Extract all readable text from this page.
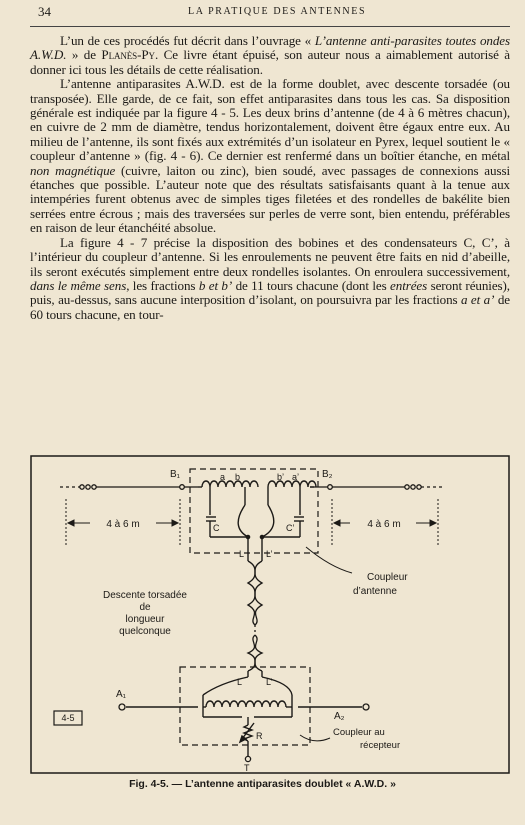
34	LA PRATIQUE DES ANTENNES

L’un de ces procédés fut décrit dans l’ouvrage « L’antenne anti-parasites toutes ondes A.W.D. » de Planès-Py. Ce livre étant épuisé, son auteur nous a aimablement autorisé à donner ici tous les détails de cette réalisation.

L’antenne antiparasites A.W.D. est de la forme doublet, avec descente torsadée (ou transposée). Elle garde, de ce fait, son effet antiparasites dans tous les cas. Sa disposition générale est indiquée par la figure 4 - 5. Les deux brins d’antenne (de 4 à 6 mètres chacun), en cuivre de 2 mm de diamètre, tendus horizontalement, doivent être égaux entre eux. Au milieu de l’antenne, ils sont fixés aux extrémités d’un isolateur en Pyrex, lequel soutient le « coupleur d’antenne » (fig. 4 - 6). Ce dernier est renfermé dans un boîtier étanche, en métal non magnétique (cuivre, laiton ou zinc), bien soudé, avec passages de connexions aussi étanches que possible. L’auteur note que des résultats satisfaisants quant à la tenue aux intempéries furent obtenus avec de simples tiges filetées et des rondelles de bakélite bien serrées entre écrous ; mais des traversées sur perles de verre sont, bien entendu, préférables en raison de leur étanchéité absolue.

La figure 4 - 7 précise la disposition des bobines et des condensateurs C, C’, à l’intérieur du coupleur d’antenne. Si les enroulements ne peuvent être faits en nid d’abeille, ils seront exécutés simplement entre deux rondelles isolantes. On enroulera successivement, dans le même sens, les fractions b et b’ de 11 tours chacune (dont les entrées seront réunies), puis, au-dessus, sans aucune interposition d’isolant, on poursuivra par les fractions a et a’ de 60 tours chacune, en tour-

4 à 6 m	4 à 6 m
B₁	B₂
a b	b’ a’
C	C’
L L’
Descente torsadée
de
longueur
quelconque
Coupleur
d’antenne
L	L’
A₁
A₂
R
T
Coupleur au
récepteur
4-5
Fig. 4-5. — L’antenne antiparasites doublet « A.W.D. »
